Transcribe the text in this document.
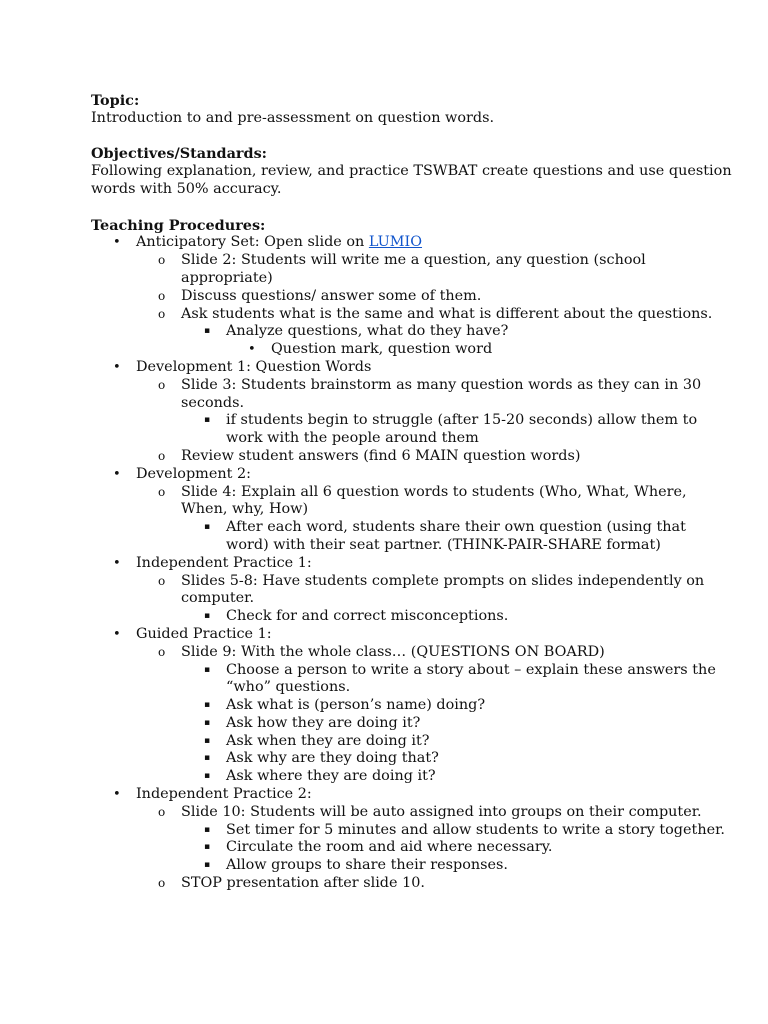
Topic:
Introduction to and pre-assessment on question words.
Objectives/Standards:
Following explanation, review, and practice TSWBAT create questions and use question
words with 50% accuracy.
Teaching Procedures:
• Anticipatory Set: Open slide on LUMIO
o Slide 2: Students will write me a question, any question (school
appropriate)
o Discuss questions/ answer some of them.
o Ask students what is the same and what is different about the questions.
▪ Analyze questions, what do they have?
• Question mark, question word
• Development 1: Question Words
o Slide 3: Students brainstorm as many question words as they can in 30
seconds.
▪ if students begin to struggle (after 15-20 seconds) allow them to
work with the people around them
o Review student answers (find 6 MAIN question words)
• Development 2:
o Slide 4: Explain all 6 question words to students (Who, What, Where,
When, why, How)
▪ After each word, students share their own question (using that
word) with their seat partner. (THINK-PAIR-SHARE format)
• Independent Practice 1:
o Slides 5-8: Have students complete prompts on slides independently on
computer.
▪ Check for and correct misconceptions.
• Guided Practice 1:
o Slide 9: With the whole class… (QUESTIONS ON BOARD)
▪ Choose a person to write a story about – explain these answers the
“who” questions.
▪ Ask what is (person’s name) doing?
▪ Ask how they are doing it?
▪ Ask when they are doing it?
▪ Ask why are they doing that?
▪ Ask where they are doing it?
• Independent Practice 2:
o Slide 10: Students will be auto assigned into groups on their computer.
▪ Set timer for 5 minutes and allow students to write a story together.
▪ Circulate the room and aid where necessary.
▪ Allow groups to share their responses.
o STOP presentation after slide 10.
